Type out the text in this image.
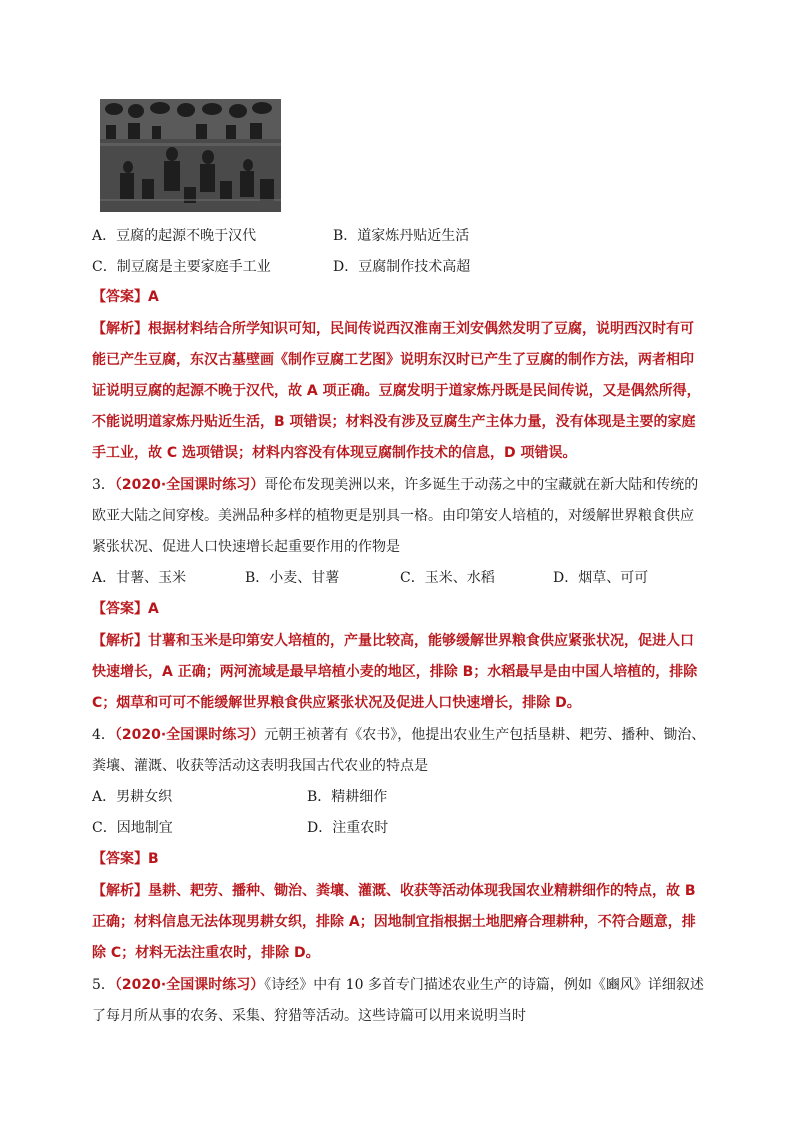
A．豆腐的起源不晚于汉代	B．道家炼丹贴近生活
C．制豆腐是主要家庭手工业	D．豆腐制作技术高超
【答案】A
【解析】根据材料结合所学知识可知，民间传说西汉淮南王刘安偶然发明了豆腐，说明西汉时有可
能已产生豆腐，东汉古墓壁画《制作豆腐工艺图》说明东汉时已产生了豆腐的制作方法，两者相印
证说明豆腐的起源不晚于汉代，故 A 项正确。豆腐发明于道家炼丹既是民间传说，又是偶然所得，
不能说明道家炼丹贴近生活，B 项错误；材料没有涉及豆腐生产主体力量，没有体现是主要的家庭
手工业，故 C 选项错误；材料内容没有体现豆腐制作技术的信息，D 项错误。
3．（2020·全国课时练习）哥伦布发现美洲以来，许多诞生于动荡之中的宝藏就在新大陆和传统的
欧亚大陆之间穿梭。美洲品种多样的植物更是别具一格。由印第安人培植的，对缓解世界粮食供应
紧张状况、促进人口快速增长起重要作用的作物是
A．甘薯、玉米	B．小麦、甘薯	C．玉米、水稻	D．烟草、可可
【答案】A
【解析】甘薯和玉米是印第安人培植的，产量比较高，能够缓解世界粮食供应紧张状况，促进人口
快速增长，A 正确；两河流域是最早培植小麦的地区，排除 B；水稻最早是由中国人培植的，排除
C；烟草和可可不能缓解世界粮食供应紧张状况及促进人口快速增长，排除 D。
4．（2020·全国课时练习）元朝王祯著有《农书》，他提出农业生产包括垦耕、耙劳、播种、锄治、
粪壤、灌溉、收获等活动这表明我国古代农业的特点是
A．男耕女织	B．精耕细作
C．因地制宜	D．注重农时
【答案】B
【解析】垦耕、耙劳、播种、锄治、粪壤、灌溉、收获等活动体现我国农业精耕细作的特点，故 B
正确；材料信息无法体现男耕女织，排除 A；因地制宜指根据土地肥瘠合理耕种，不符合题意，排
除 C；材料无法注重农时，排除 D。
5．（2020·全国课时练习）《诗经》中有 10 多首专门描述农业生产的诗篇，例如《豳风》详细叙述
了每月所从事的农务、采集、狩猎等活动。这些诗篇可以用来说明当时
